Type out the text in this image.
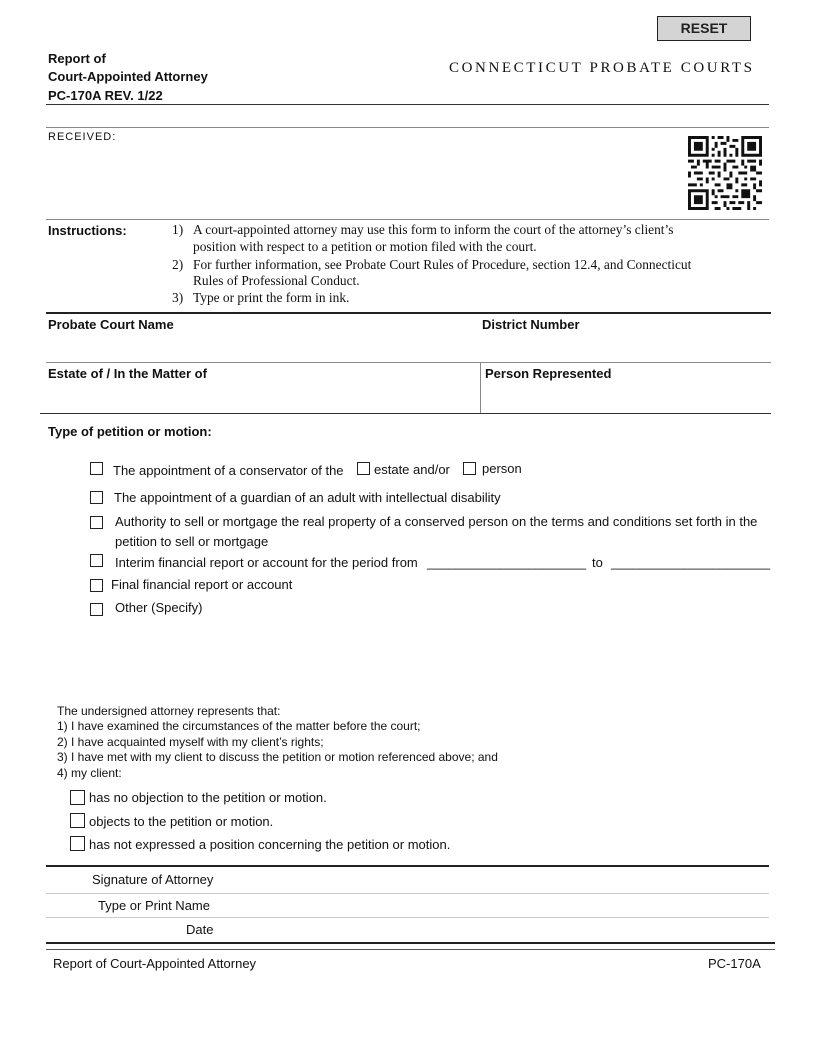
RESET
Report of
Court-Appointed Attorney
PC-170A REV. 1/22
CONNECTICUT PROBATE COURTS
RECEIVED:
Instructions:	1) A court-appointed attorney may use this form to inform the court of the attorney’s client’s
position with respect to a petition or motion filed with the court.
2) For further information, see Probate Court Rules of Procedure, section 12.4, and Connecticut
Rules of Professional Conduct.
3) Type or print the form in ink.
Probate Court Name	District Number
Estate of / In the Matter of	Person Represented
Type of petition or motion:
The appointment of a conservator of the estate and/or person
The appointment of a guardian of an adult with intellectual disability
Authority to sell or mortgage the real property of a conserved person on the terms and conditions set forth in the
petition to sell or mortgage
Interim financial report or account for the period from ______________________ to ______________________
Final financial report or account
Other (Specify)
The undersigned attorney represents that:
1) I have examined the circumstances of the matter before the court;
2) I have acquainted myself with my client’s rights;
3) I have met with my client to discuss the petition or motion referenced above; and
4) my client:
has no objection to the petition or motion.
objects to the petition or motion.
has not expressed a position concerning the petition or motion.
Signature of Attorney
Type or Print Name
Date
Report of Court-Appointed Attorney	PC-170A
